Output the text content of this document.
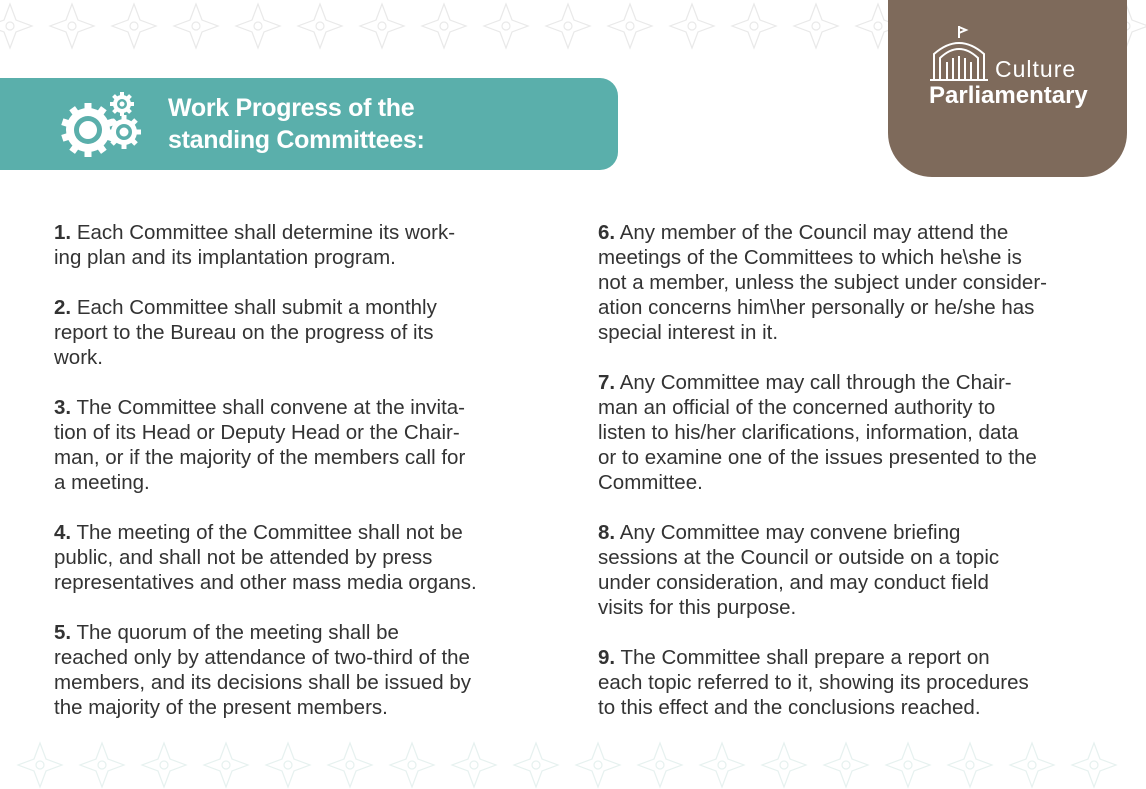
Work Progress of the
standing Committees:
Culture
Parliamentary
1. Each Committee shall determine its work-
ing plan and its implantation program.
2. Each Committee shall submit a monthly
report to the Bureau on the progress of its
work.
3. The Committee shall convene at the invita-
tion of its Head or Deputy Head or the Chair-
man, or if the majority of the members call for
a meeting.
4. The meeting of the Committee shall not be
public, and shall not be attended by press
representatives and other mass media organs.
5. The quorum of the meeting shall be
reached only by attendance of two-third of the
members, and its decisions shall be issued by
the majority of the present members.
6. Any member of the Council may attend the
meetings of the Committees to which he\she is
not a member, unless the subject under consider-
ation concerns him\her personally or he/she has
special interest in it.
7. Any Committee may call through the Chair-
man an official of the concerned authority to
listen to his/her clarifications, information, data
or to examine one of the issues presented to the
Committee.
8. Any Committee may convene briefing
sessions at the Council or outside on a topic
under consideration, and may conduct field
visits for this purpose.
9. The Committee shall prepare a report on
each topic referred to it, showing its procedures
to this effect and the conclusions reached.
